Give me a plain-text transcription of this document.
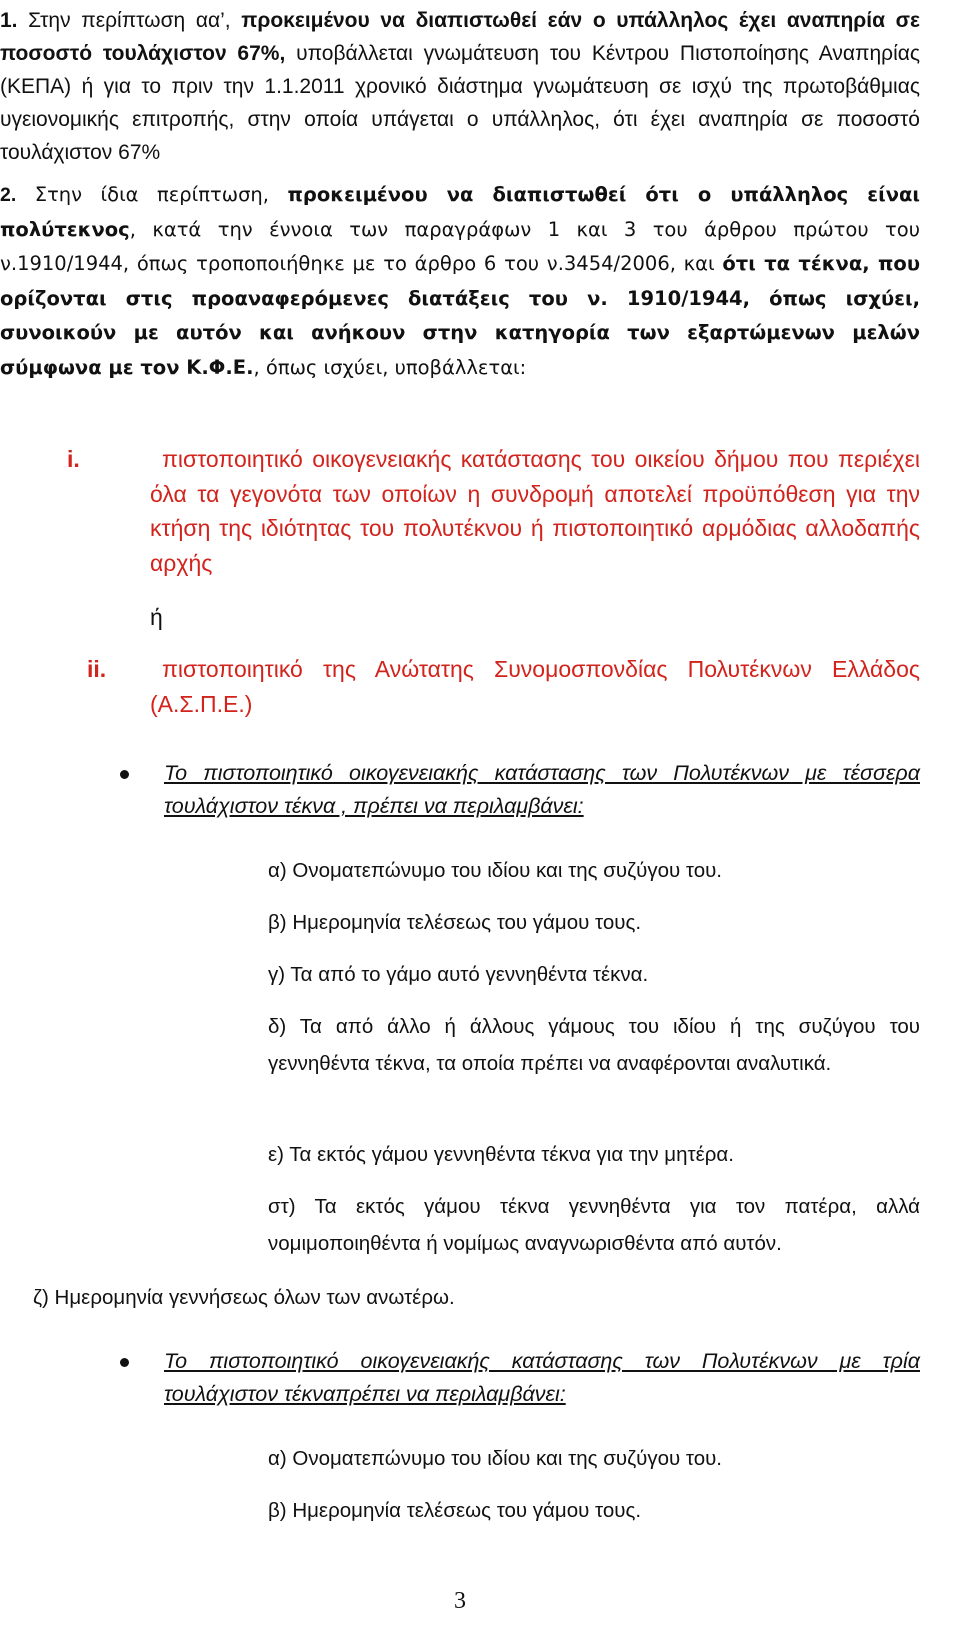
1. Στην περίπτωση αα’, προκειμένου να διαπιστωθεί εάν ο υπάλληλος έχει αναπηρία σε ποσοστό τουλάχιστον 67%, υποβάλλεται γνωμάτευση του Κέντρου Πιστοποίησης Αναπηρίας (ΚΕΠΑ) ή για το πριν την 1.1.2011 χρονικό διάστημα γνωμάτευση σε ισχύ της πρωτοβάθμιας υγειονομικής επιτροπής, στην οποία υπάγεται ο υπάλληλος, ότι έχει αναπηρία σε ποσοστό τουλάχιστον 67%

2. Στην ίδια περίπτωση, προκειμένου να διαπιστωθεί ότι ο υπάλληλος είναι πολύτεκνος, κατά την έννοια των παραγράφων 1 και 3 του άρθρου πρώτου του ν.1910/1944, όπως τροποποιήθηκε με το άρθρο 6 του ν.3454/2006, και ότι τα τέκνα, που ορίζονται στις προαναφερόμενες διατάξεις του ν. 1910/1944, όπως ισχύει, συνοικούν με αυτόν και ανήκουν στην κατηγορία των εξαρτώμενων μελών σύμφωνα με τον Κ.Φ.Ε., όπως ισχύει, υποβάλλεται:

i.	πιστοποιητικό οικογενειακής κατάστασης του οικείου δήμου που περιέχει όλα τα γεγονότα των οποίων η συνδρομή αποτελεί προϋπόθεση για την κτήση της ιδιότητας του πολυτέκνου ή πιστοποιητικό αρμόδιας αλλοδαπής αρχής

ή
ii.	πιστοποιητικό της Ανώτατης Συνομοσπονδίας Πολυτέκνων Ελλάδος (Α.Σ.Π.Ε.)

Το πιστοποιητικό οικογενειακής κατάστασης των Πολυτέκνων με τέσσερα τουλάχιστον τέκνα , πρέπει να περιλαμβάνει:

α) Ονοματεπώνυμο του ιδίου και της συζύγου του.

β) Ημερομηνία τελέσεως του γάμου τους.

γ) Τα από το γάμο αυτό γεννηθέντα τέκνα.

δ) Τα από άλλο ή άλλους γάμους του ιδίου ή της συζύγου του γεννηθέντα τέκνα, τα οποία πρέπει να αναφέρονται αναλυτικά.

ε) Τα εκτός γάμου γεννηθέντα τέκνα για την μητέρα.

στ) Τα εκτός γάμου τέκνα γεννηθέντα για τον πατέρα, αλλά νομιμοποιηθέντα ή νομίμως αναγνωρισθέντα από αυτόν.

ζ) Ημερομηνία γεννήσεως όλων των ανωτέρω.

Το πιστοποιητικό οικογενειακής κατάστασης των Πολυτέκνων με τρία τουλάχιστον τέκναπρέπει να περιλαμβάνει:

α) Ονοματεπώνυμο του ιδίου και της συζύγου του.

β) Ημερομηνία τελέσεως του γάμου τους.

3
